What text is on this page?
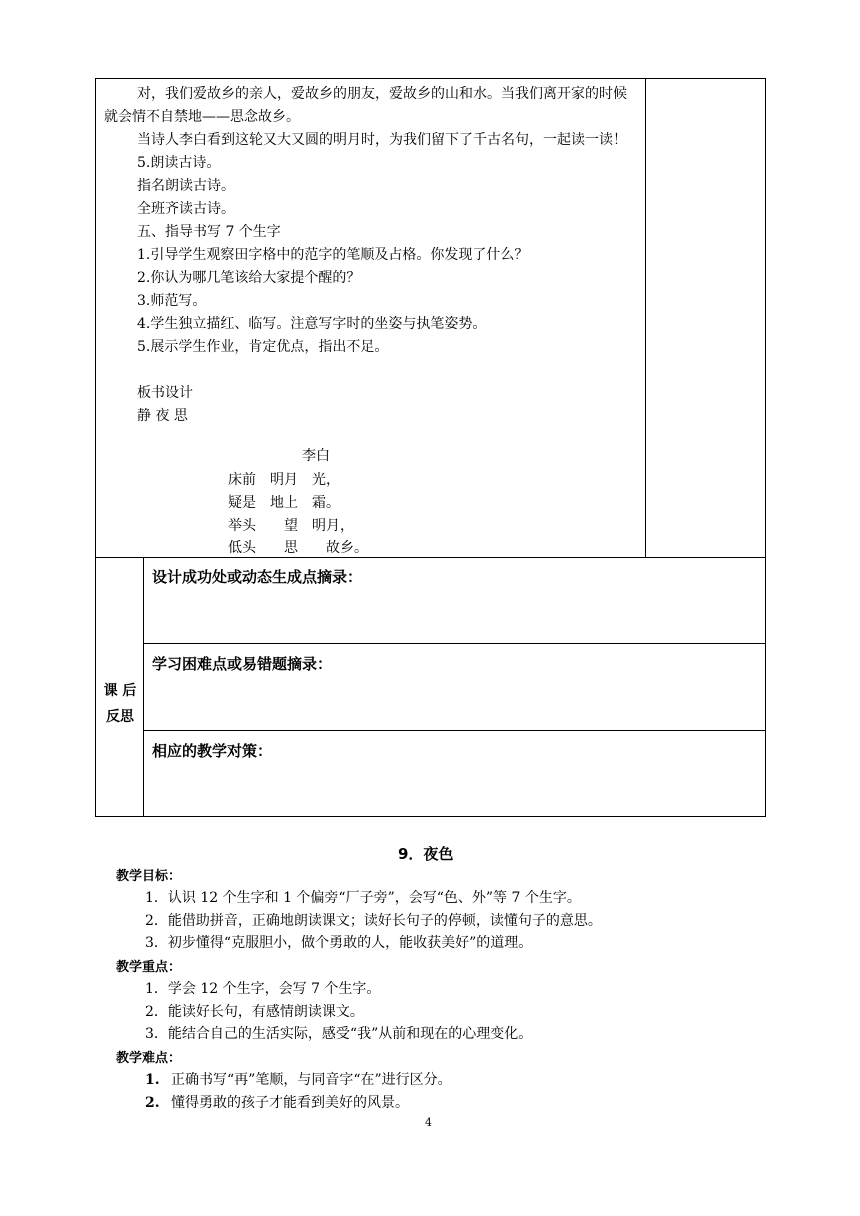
对，我们爱故乡的亲人，爱故乡的朋友，爱故乡的山和水。当我们离开家的时候就会情不自禁地——思念故乡。

当诗人李白看到这轮又大又圆的明月时，为我们留下了千古名句，一起读一读！

5.朗读古诗。

指名朗读古诗。

全班齐读古诗。

五、指导书写 7 个生字

1.引导学生观察田字格中的范字的笔顺及占格。你发现了什么？

2.你认为哪几笔该给大家提个醒的？

3.师范写。

4.学生独立描红、临写。注意写字时的坐姿与执笔姿势。

5.展示学生作业，肯定优点，指出不足。

板书设计

静 夜 思

李白
床前　明月　光，
疑是　地上　霜。
举头　　望　明月，
低头　　思　　故乡。
课 后
反思
设计成功处或动态生成点摘录：
学习困难点或易错题摘录：
相应的教学对策：
9．夜色
教学目标：
1．认识 12 个生字和 1 个偏旁“厂子旁”，会写“色、外”等 7 个生字。
2．能借助拼音，正确地朗读课文；读好长句子的停顿，读懂句子的意思。
3．初步懂得“克服胆小，做个勇敢的人，能收获美好”的道理。
教学重点：
1．学会 12 个生字，会写 7 个生字。
2．能读好长句，有感情朗读课文。
3．能结合自己的生活实际，感受“我”从前和现在的心理变化。
教学难点：
1. 正确书写“再”笔顺，与同音字“在”进行区分。
2. 懂得勇敢的孩子才能看到美好的风景。
4
